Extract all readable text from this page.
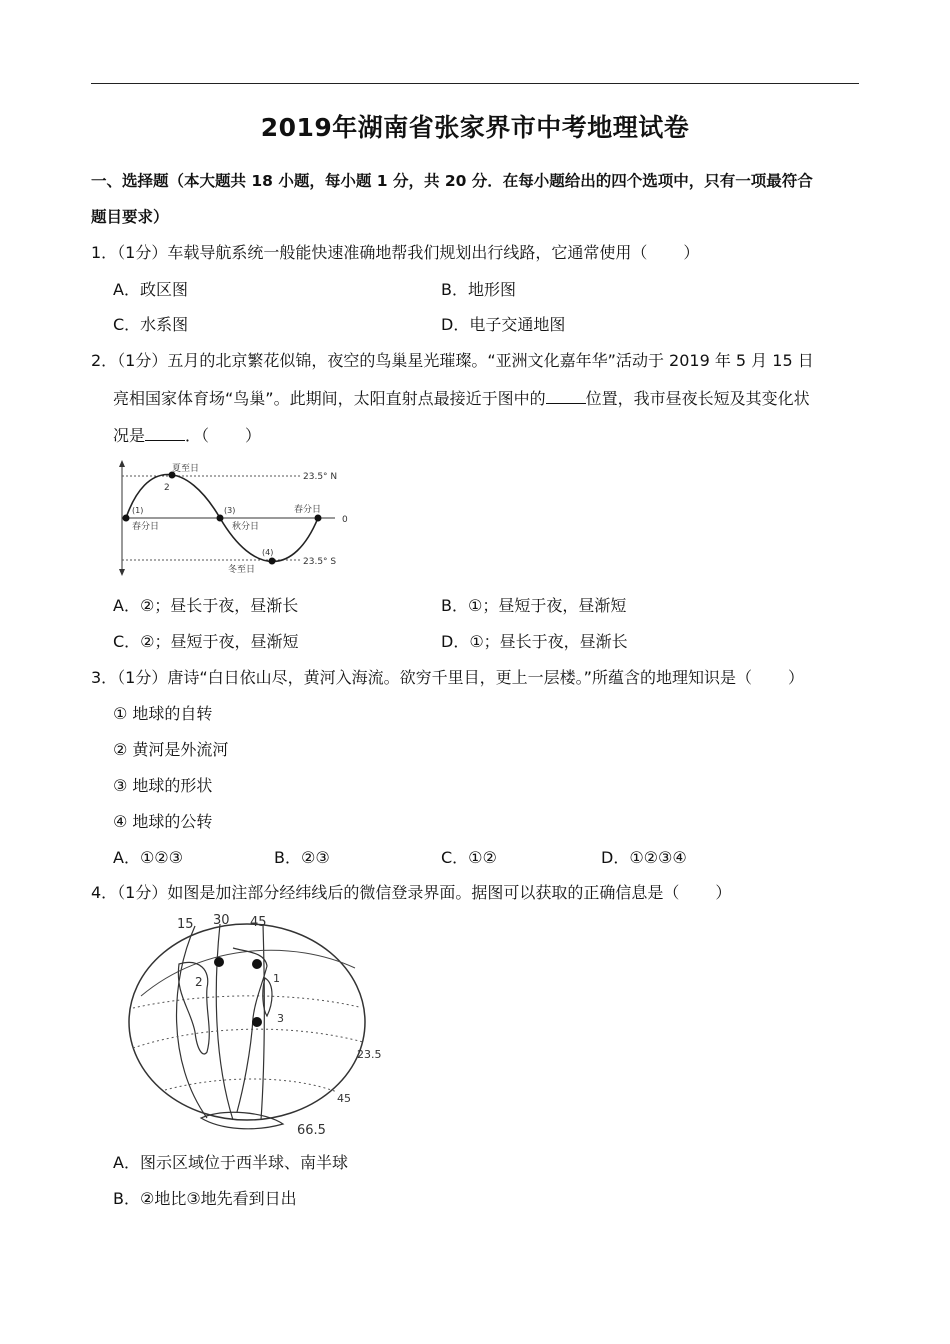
2019年湖南省张家界市中考地理试卷
一、选择题（本大题共 18 小题，每小题 1 分，共 20 分．在每小题给出的四个选项中，只有一项最符合
题目要求）
1．（1分）车载导航系统一般能快速准确地帮我们规划出行线路，它通常使用（ ）
A．政区图	B．地形图
C．水系图	D．电子交通地图
2．（1分）五月的北京繁花似锦，夜空的鸟巢星光璀璨。“亚洲文化嘉年华”活动于 2019 年 5 月 15 日
亮相国家体育场“鸟巢”。此期间，太阳直射点最接近于图中的	位置，我市昼夜长短及其变化状
况是	．（ ）
夏至日
2
(1)
春分日
(3)
秋分日
春分日
(4)
冬至日
23.5° N
0
23.5° S
A．②；昼长于夜，昼渐长	B．①；昼短于夜，昼渐短
C．②；昼短于夜，昼渐短	D．①；昼长于夜，昼渐长
3．（1分）唐诗“白日依山尽，黄河入海流。欲穷千里目，更上一层楼。”所蕴含的地理知识是（ ）
① 地球的自转
② 黄河是外流河
③ 地球的形状
④ 地球的公转
A．①②③	B．②③	C．①②	D．①②③④
4．（1分）如图是加注部分经纬线后的微信登录界面。据图可以获取的正确信息是（ ）
15 30 45
23.5
45
66.5
2	1
3
A．图示区域位于西半球、南半球
B．②地比③地先看到日出
